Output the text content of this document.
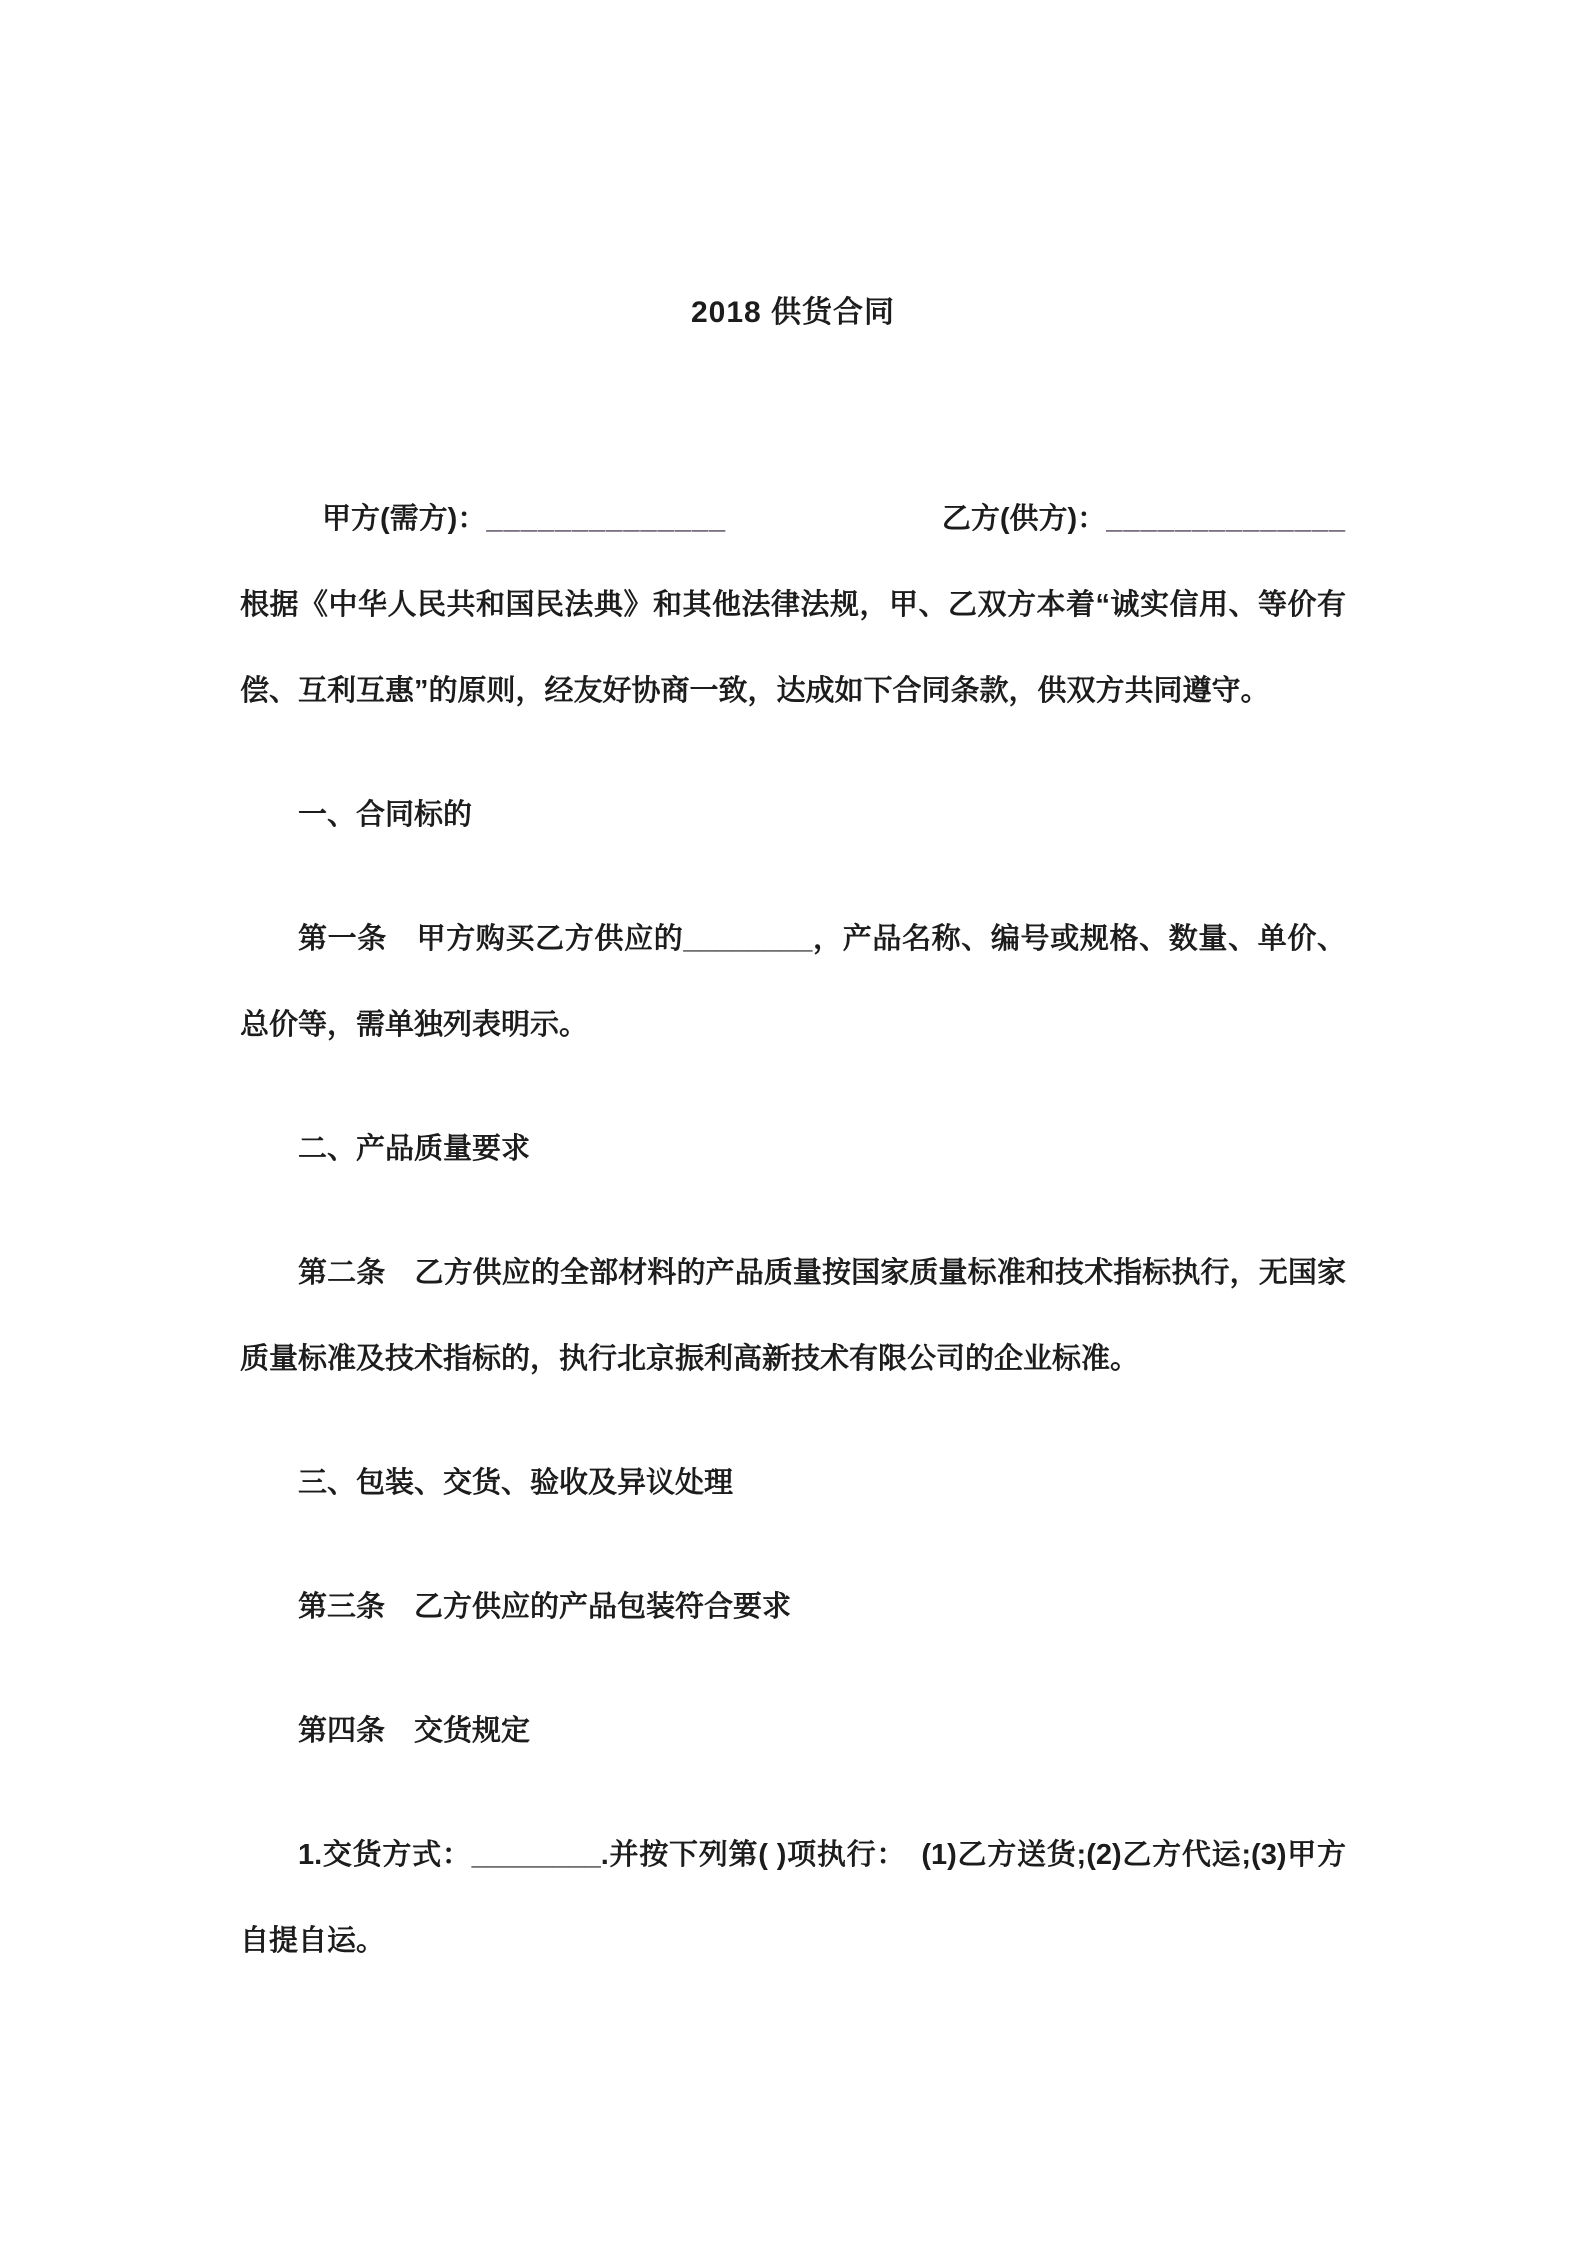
2018 供货合同
甲方(需方)：______________	乙方(供方)：______________

根据《中华人民共和国民法典》和其他法律法规，甲、乙双方本着“诚实信用、等价有偿、互利互惠”的原则，经友好协商一致，达成如下合同条款，供双方共同遵守。

一、合同标的

第一条　甲方购买乙方供应的________，产品名称、编号或规格、数量、单价、总价等，需单独列表明示。

二、产品质量要求

第二条　乙方供应的全部材料的产品质量按国家质量标准和技术指标执行，无国家质量标准及技术指标的，执行北京振利高新技术有限公司的企业标准。

三、包装、交货、验收及异议处理

第三条　乙方供应的产品包装符合要求

第四条　交货规定

1.交货方式：________.并按下列第( )项执行：　(1)乙方送货;(2)乙方代运;(3)甲方自提自运。
